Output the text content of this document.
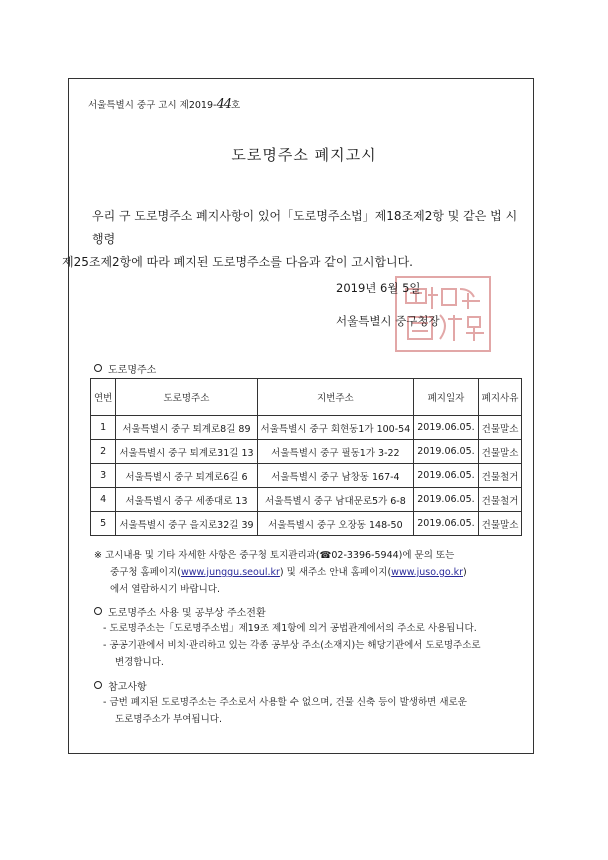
서울특별시 중구 고시 제2019-44호
도로명주소 폐지고시

우리 구 도로명주소 폐지사항이 있어「도로명주소법」제18조제2항 및 같은 법 시행령

제25조제2항에 따라 폐지된 도로명주소를 다음과 같이 고시합니다.

2019년 6월 5일
서울특별시 중구청장
도로명주소
연번	도로명주소	지번주소	폐지일자	폐지사유
1	서울특별시 중구 퇴계로8길 89	서울특별시 중구 회현동1가 100-54	2019.06.05.	건물말소
2	서울특별시 중구 퇴계로31길 13	서울특별시 중구 필동1가 3-22	2019.06.05.	건물말소
3	서울특별시 중구 퇴계로6길 6	서울특별시 중구 남창동 167-4	2019.06.05.	건물철거
4	서울특별시 중구 세종대로 13	서울특별시 중구 남대문로5가 6-8	2019.06.05.	건물철거
5	서울특별시 중구 을지로32길 39	서울특별시 중구 오장동 148-50	2019.06.05.	건물말소
※ 고시내용 및 기타 자세한 사항은 중구청 토지관리과(☎02-3396-5944)에 문의 또는
중구청 홈페이지(www.junggu.seoul.kr) 및 새주소 안내 홈페이지(www.juso.go.kr)
에서 열람하시기 바랍니다.
도로명주소 사용 및 공부상 주소전환
- 도로명주소는「도로명주소법」제19조 제1항에 의거 공법관계에서의 주소로 사용됩니다.
- 공공기관에서 비치·관리하고 있는 각종 공부상 주소(소재지)는 해당기관에서 도로명주소로
변경합니다.
참고사항
- 금번 폐지된 도로명주소는 주소로서 사용할 수 없으며, 건물 신축 등이 발생하면 새로운
도로명주소가 부여됩니다.
